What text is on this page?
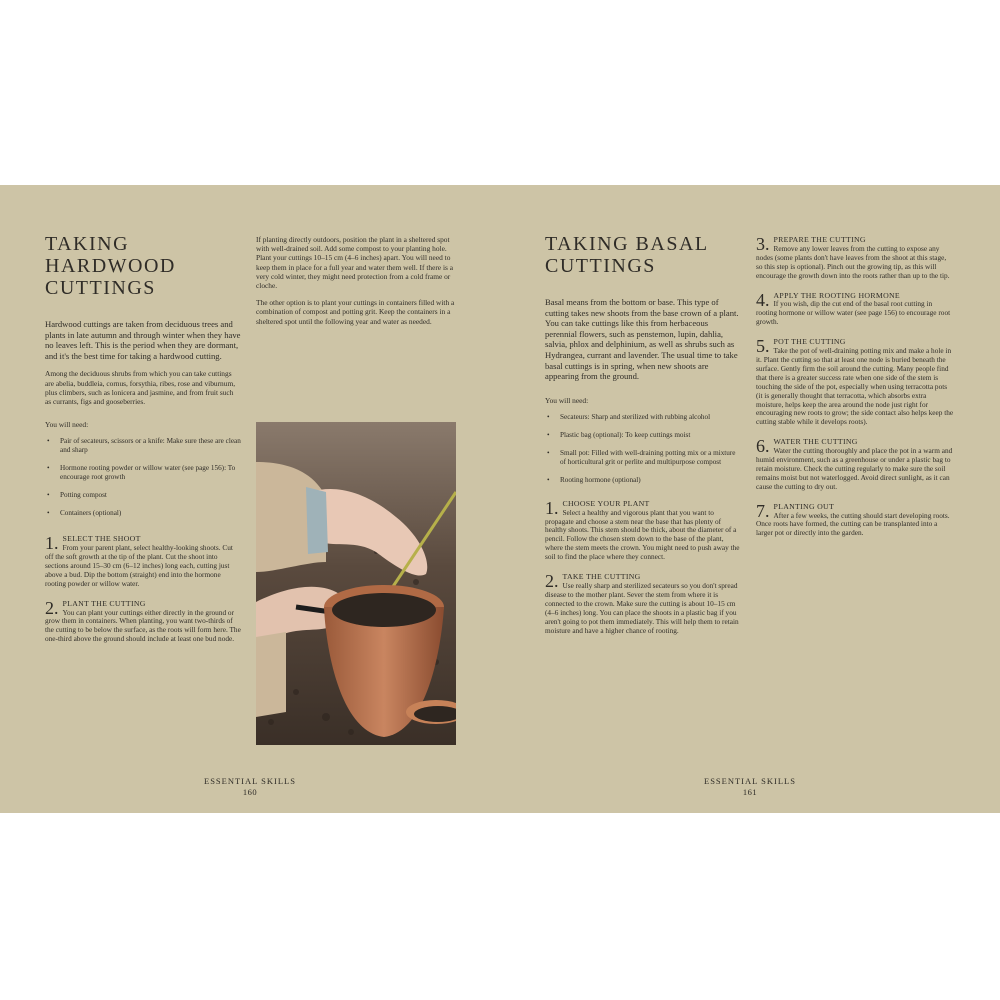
TAKING
HARDWOOD
CUTTINGS

Hardwood cuttings are taken from deciduous trees and plants in late autumn and through winter when they have no leaves left. This is the period when they are dormant, and it's the best time for taking a hardwood cutting.

Among the deciduous shrubs from which you can take cuttings are abelia, buddleia, cornus, forsythia, ribes, rose and viburnum, plus climbers, such as lonicera and jasmine, and from fruit such as currants, figs and gooseberries.

You will need:

• Pair of secateurs, scissors or a knife: Make sure these are clean and sharp
• Hormone rooting powder or willow water (see page 156): To encourage root growth
• Potting compost
• Containers (optional)
1. SELECT THE SHOOT
From your parent plant, select healthy-looking shoots. Cut off the soft growth at the tip of the plant. Cut the shoot into sections around 15–30 cm (6–12 inches) long each, cutting just above a bud. Dip the bottom (straight) end into the hormone rooting powder or willow water.
2. PLANT THE CUTTING
You can plant your cuttings either directly in the ground or grow them in containers. When planting, you want two-thirds of the cutting to be below the surface, as the roots will form here. The one-third above the ground should include at least one bud node.

If planting directly outdoors, position the plant in a sheltered spot with well-drained soil. Add some compost to your planting hole. Plant your cuttings 10–15 cm (4–6 inches) apart. You will need to keep them in place for a full year and water them well. If there is a very cold winter, they might need protection from a cold frame or cloche.

The other option is to plant your cuttings in containers filled with a combination of compost and potting grit. Keep the containers in a sheltered spot until the following year and water as needed.

ESSENTIAL SKILLS
160
TAKING BASAL
CUTTINGS

Basal means from the bottom or base. This type of cutting takes new shoots from the base crown of a plant. You can take cuttings like this from herbaceous perennial flowers, such as penstemon, lupin, dahlia, salvia, phlox and delphinium, as well as shrubs such as Hydrangea, currant and lavender. The usual time to take basal cuttings is in spring, when new shoots are appearing from the ground.

You will need:

• Secateurs: Sharp and sterilized with rubbing alcohol
• Plastic bag (optional): To keep cuttings moist
• Small pot: Filled with well-draining potting mix or a mixture of horticultural grit or perlite and multipurpose compost
• Rooting hormone (optional)
1. CHOOSE YOUR PLANT
Select a healthy and vigorous plant that you want to propagate and choose a stem near the base that has plenty of healthy shoots. This stem should be thick, about the diameter of a pencil. Follow the chosen stem down to the base of the plant, where the stem meets the crown. You might need to push away the soil to find the place where they connect.
2. TAKE THE CUTTING
Use really sharp and sterilized secateurs so you don't spread disease to the mother plant. Sever the stem from where it is connected to the crown. Make sure the cutting is about 10–15 cm (4–6 inches) long. You can place the shoots in a plastic bag if you aren't going to pot them immediately. This will help them to retain moisture and have a higher chance of rooting.
3. PREPARE THE CUTTING
Remove any lower leaves from the cutting to expose any nodes (some plants don't have leaves from the shoot at this stage, so this step is optional). Pinch out the growing tip, as this will encourage the growth down into the roots rather than up to the tip.
4. APPLY THE ROOTING HORMONE
If you wish, dip the cut end of the basal root cutting in rooting hormone or willow water (see page 156) to encourage root growth.
5. POT THE CUTTING
Take the pot of well-draining potting mix and make a hole in it. Plant the cutting so that at least one node is buried beneath the surface. Gently firm the soil around the cutting. Many people find that there is a greater success rate when one side of the stem is touching the side of the pot, especially when using terracotta pots (it is generally thought that terracotta, which absorbs extra moisture, helps keep the area around the node just right for encouraging new roots to grow; the side contact also helps keep the cutting stable while it develops roots).
6. WATER THE CUTTING
Water the cutting thoroughly and place the pot in a warm and humid environment, such as a greenhouse or under a plastic bag to retain moisture. Check the cutting regularly to make sure the soil remains moist but not waterlogged. Avoid direct sunlight, as it can cause the cutting to dry out.
7. PLANTING OUT
After a few weeks, the cutting should start developing roots. Once roots have formed, the cutting can be transplanted into a larger pot or directly into the garden.
ESSENTIAL SKILLS
161
